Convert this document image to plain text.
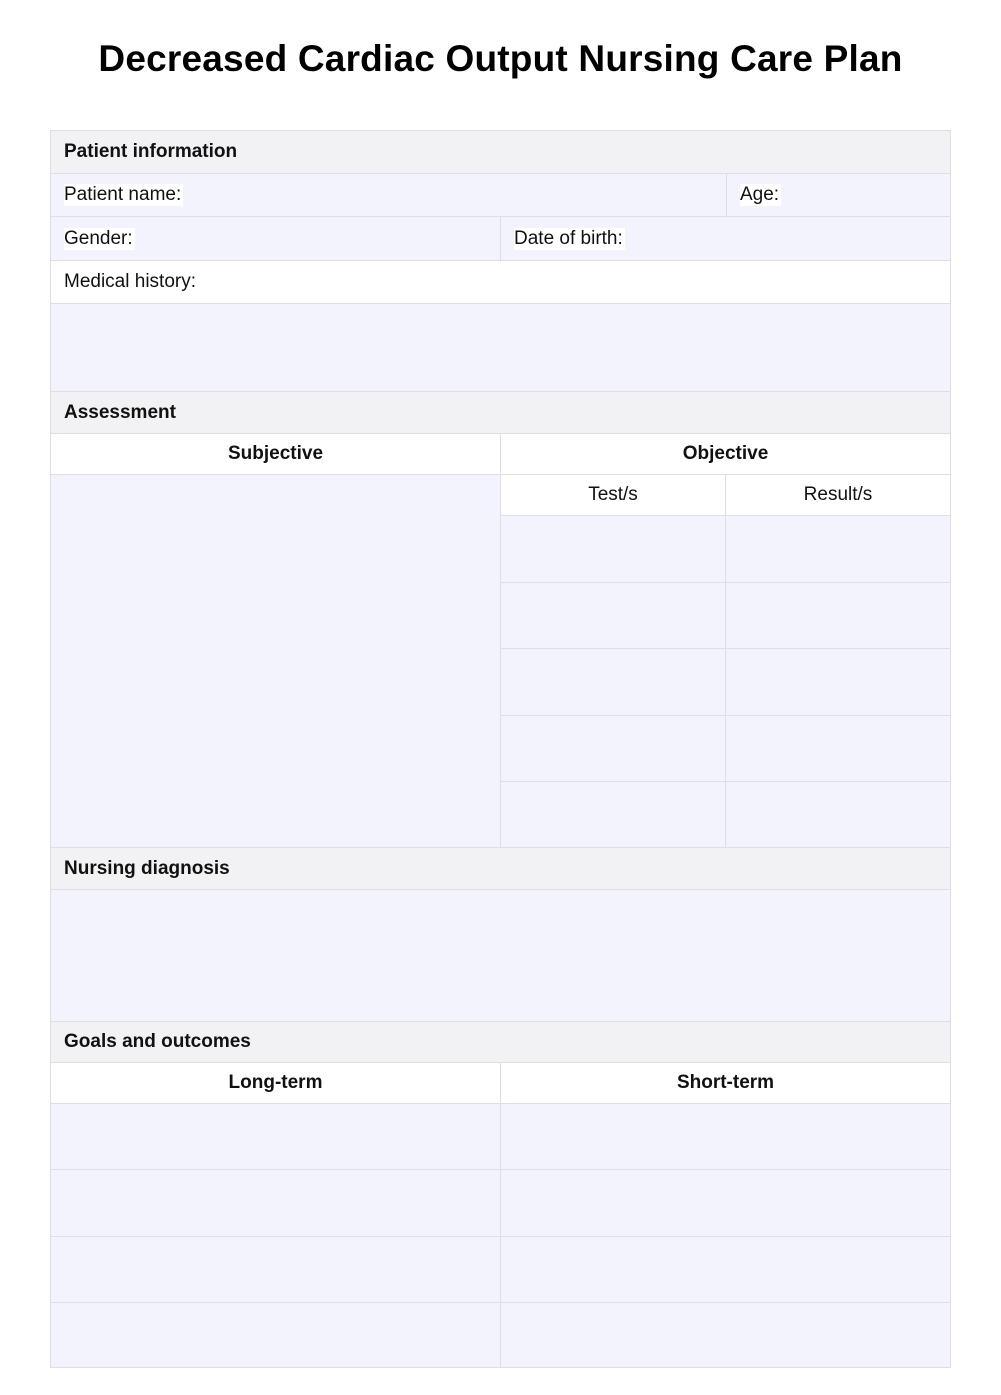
Decreased Cardiac Output Nursing Care Plan
Patient information
Patient name:	Age:
Gender:	Date of birth:
Medical history:
Assessment
Subjective	Objective
Test/s	Result/s
Nursing diagnosis
Goals and outcomes
Long-term	Short-term
